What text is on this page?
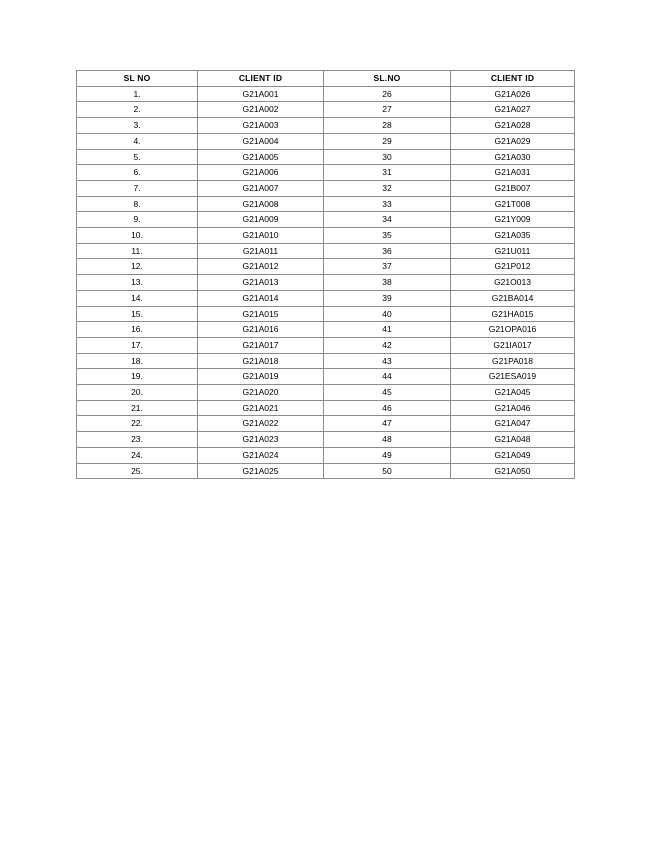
SL NO	CLIENT ID	SL.NO	CLIENT ID
1.	G21A001	26	G21A026
2.	G21A002	27	G21A027
3.	G21A003	28	G21A028
4.	G21A004	29	G21A029
5.	G21A005	30	G21A030
6.	G21A006	31	G21A031
7.	G21A007	32	G21B007
8.	G21A008	33	G21T008
9.	G21A009	34	G21Y009
10.	G21A010	35	G21A035
11.	G21A011	36	G21U011
12.	G21A012	37	G21P012
13.	G21A013	38	G21O013
14.	G21A014	39	G21BA014
15.	G21A015	40	G21HA015
16.	G21A016	41	G21OPA016
17.	G21A017	42	G21IA017
18.	G21A018	43	G21PA018
19.	G21A019	44	G21ESA019
20.	G21A020	45	G21A045
21.	G21A021	46	G21A046
22.	G21A022	47	G21A047
23.	G21A023	48	G21A048
24.	G21A024	49	G21A049
25.	G21A025	50	G21A050
